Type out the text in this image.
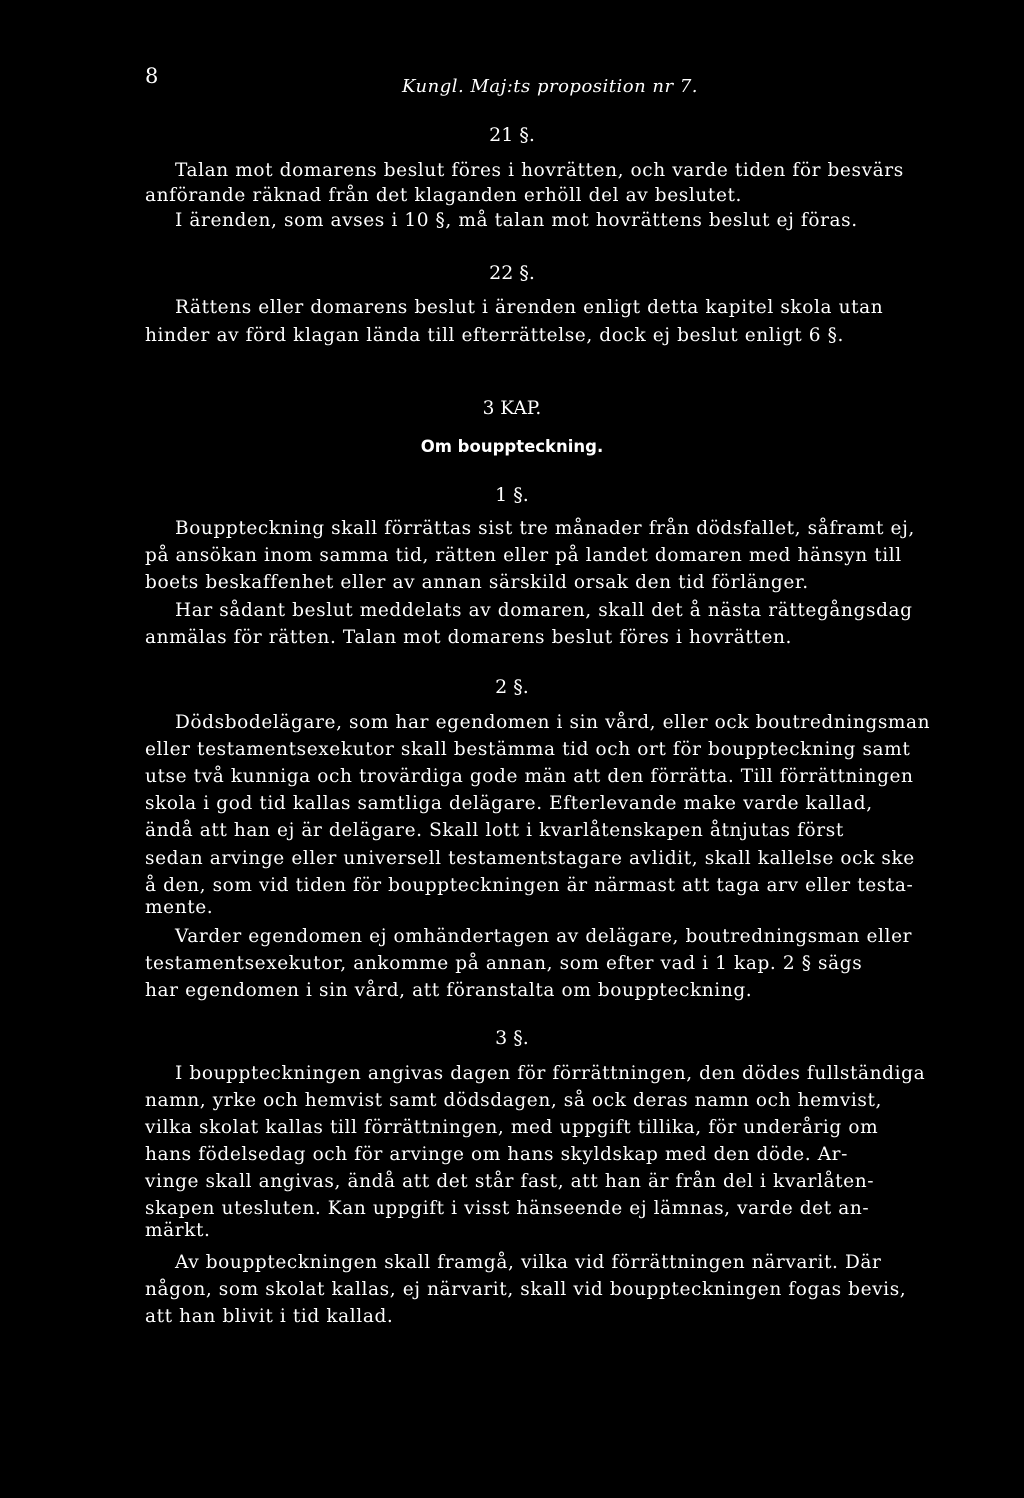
8	Kungl. Maj:ts proposition nr 7.
21 §.
Talan mot domarens beslut föres i hovrätten, och varde tiden för besvärs
anförande räknad från det klaganden erhöll del av beslutet.
I ärenden, som avses i 10 §, må talan mot hovrättens beslut ej föras.
22 §.
Rättens eller domarens beslut i ärenden enligt detta kapitel skola utan
hinder av förd klagan lända till efterrättelse, dock ej beslut enligt 6 §.
3 KAP.
Om bouppteckning.
1 §.
Bouppteckning skall förrättas sist tre månader från dödsfallet, såframt ej,
på ansökan inom samma tid, rätten eller på landet domaren med hänsyn till
boets beskaffenhet eller av annan särskild orsak den tid förlänger.
Har sådant beslut meddelats av domaren, skall det å nästa rättegångsdag
anmälas för rätten. Talan mot domarens beslut föres i hovrätten.
2 §.
Dödsbodelägare, som har egendomen i sin vård, eller ock boutredningsman
eller testamentsexekutor skall bestämma tid och ort för bouppteckning samt
utse två kunniga och trovärdiga gode män att den förrätta. Till förrättningen
skola i god tid kallas samtliga delägare. Efterlevande make varde kallad,
ändå att han ej är delägare. Skall lott i kvarlåtenskapen åtnjutas först
sedan arvinge eller universell testamentstagare avlidit, skall kallelse ock ske
å den, som vid tiden för bouppteckningen är närmast att taga arv eller testa-
mente.
Varder egendomen ej omhändertagen av delägare, boutredningsman eller
testamentsexekutor, ankomme på annan, som efter vad i 1 kap. 2 § sägs
har egendomen i sin vård, att föranstalta om bouppteckning.
3 §.
I bouppteckningen angivas dagen för förrättningen, den dödes fullständiga
namn, yrke och hemvist samt dödsdagen, så ock deras namn och hemvist,
vilka skolat kallas till förrättningen, med uppgift tillika, för underårig om
hans födelsedag och för arvinge om hans skyldskap med den döde. Ar-
vinge skall angivas, ändå att det står fast, att han är från del i kvarlåten-
skapen utesluten. Kan uppgift i visst hänseende ej lämnas, varde det an-
märkt.
Av bouppteckningen skall framgå, vilka vid förrättningen närvarit. Där
någon, som skolat kallas, ej närvarit, skall vid bouppteckningen fogas bevis,
att han blivit i tid kallad.
